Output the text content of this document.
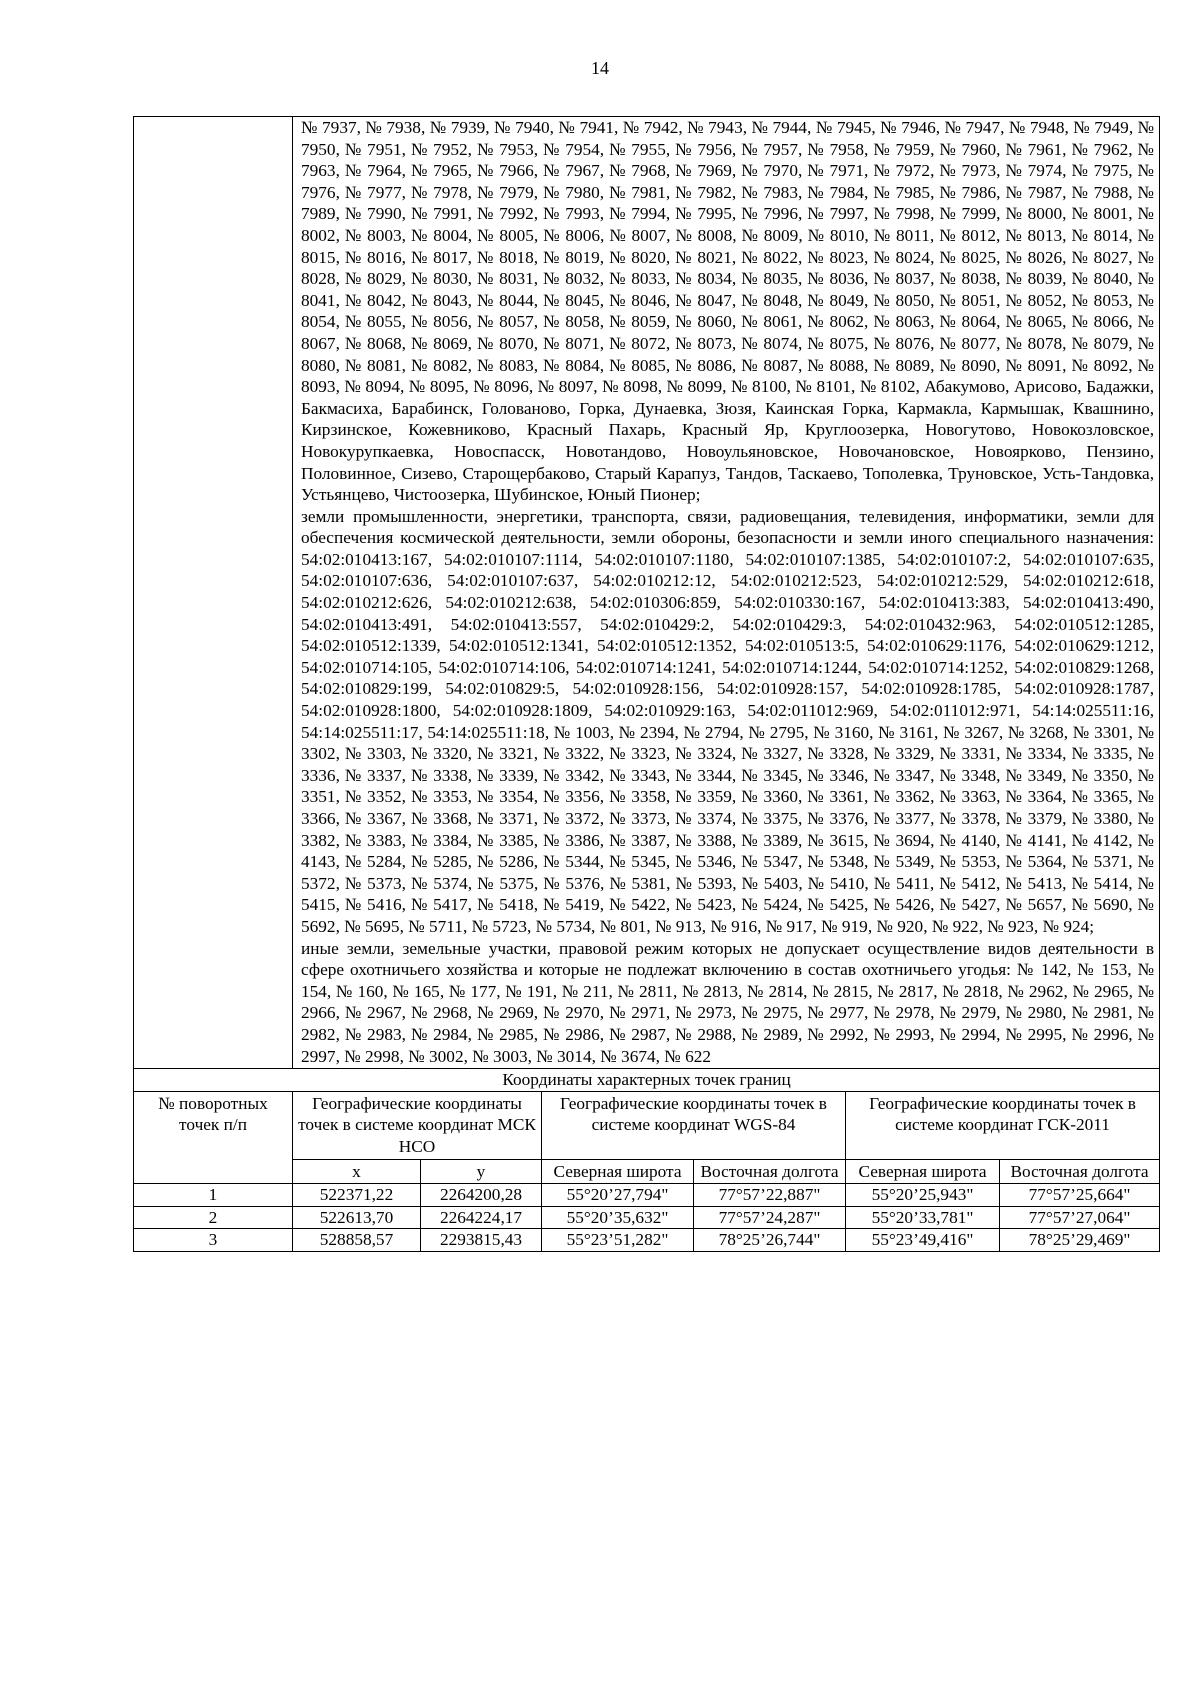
14

	№ 7937, № 7938, № 7939, № 7940, № 7941, № 7942, № 7943, № 7944, № 7945, № 7946, № 7947, № 7948, № 7949, № 7950, № 7951, № 7952, № 7953, № 7954, № 7955, № 7956, № 7957, № 7958, № 7959, № 7960, № 7961, № 7962, № 7963, № 7964, № 7965, № 7966, № 7967, № 7968, № 7969, № 7970, № 7971, № 7972, № 7973, № 7974, № 7975, № 7976, № 7977, № 7978, № 7979, № 7980, № 7981, № 7982, № 7983, № 7984, № 7985, № 7986, № 7987, № 7988, № 7989, № 7990, № 7991, № 7992, № 7993, № 7994, № 7995, № 7996, № 7997, № 7998, № 7999, № 8000, № 8001, № 8002, № 8003, № 8004, № 8005, № 8006, № 8007, № 8008, № 8009, № 8010, № 8011, № 8012, № 8013, № 8014, № 8015, № 8016, № 8017, № 8018, № 8019, № 8020, № 8021, № 8022, № 8023, № 8024, № 8025, № 8026, № 8027, № 8028, № 8029, № 8030, № 8031, № 8032, № 8033, № 8034, № 8035, № 8036, № 8037, № 8038, № 8039, № 8040, № 8041, № 8042, № 8043, № 8044, № 8045, № 8046, № 8047, № 8048, № 8049, № 8050, № 8051, № 8052, № 8053, № 8054, № 8055, № 8056, № 8057, № 8058, № 8059, № 8060, № 8061, № 8062, № 8063, № 8064, № 8065, № 8066, № 8067, № 8068, № 8069, № 8070, № 8071, № 8072, № 8073, № 8074, № 8075, № 8076, № 8077, № 8078, № 8079, № 8080, № 8081, № 8082, № 8083, № 8084, № 8085, № 8086, № 8087, № 8088, № 8089, № 8090, № 8091, № 8092, № 8093, № 8094, № 8095, № 8096, № 8097, № 8098, № 8099, № 8100, № 8101, № 8102, Абакумово, Арисово, Бадажки, Бакмасиха, Барабинск, Голованово, Горка, Дунаевка, Зюзя, Каинская Горка, Кармакла, Кармышак, Квашнино, Кирзинское, Кожевниково, Красный Пахарь, Красный Яр, Круглоозерка, Новогутово, Новокозловское, Новокурупкаевка, Новоспасск, Новотандово, Новоульяновское, Новочановское, Новоярково, Пензино, Половинное, Сизево, Старощербаково, Старый Карапуз, Тандов, Таскаево, Тополевка, Труновское, Усть-Тандовка, Устьянцево, Чистоозерка, Шубинское, Юный Пионер;

земли промышленности, энергетики, транспорта, связи, радиовещания, телевидения, информатики, земли для обеспечения космической деятельности, земли обороны, безопасности и земли иного специального назначения: 54:02:010413:167, 54:02:010107:1114, 54:02:010107:1180, 54:02:010107:1385, 54:02:010107:2, 54:02:010107:635, 54:02:010107:636, 54:02:010107:637, 54:02:010212:12, 54:02:010212:523, 54:02:010212:529, 54:02:010212:618, 54:02:010212:626, 54:02:010212:638, 54:02:010306:859, 54:02:010330:167, 54:02:010413:383, 54:02:010413:490, 54:02:010413:491, 54:02:010413:557, 54:02:010429:2, 54:02:010429:3, 54:02:010432:963, 54:02:010512:1285, 54:02:010512:1339, 54:02:010512:1341, 54:02:010512:1352, 54:02:010513:5, 54:02:010629:1176, 54:02:010629:1212, 54:02:010714:105, 54:02:010714:106, 54:02:010714:1241, 54:02:010714:1244, 54:02:010714:1252, 54:02:010829:1268, 54:02:010829:199, 54:02:010829:5, 54:02:010928:156, 54:02:010928:157, 54:02:010928:1785, 54:02:010928:1787, 54:02:010928:1800, 54:02:010928:1809, 54:02:010929:163, 54:02:011012:969, 54:02:011012:971, 54:14:025511:16, 54:14:025511:17, 54:14:025511:18, № 1003, № 2394, № 2794, № 2795, № 3160, № 3161, № 3267, № 3268, № 3301, № 3302, № 3303, № 3320, № 3321, № 3322, № 3323, № 3324, № 3327, № 3328, № 3329, № 3331, № 3334, № 3335, № 3336, № 3337, № 3338, № 3339, № 3342, № 3343, № 3344, № 3345, № 3346, № 3347, № 3348, № 3349, № 3350, № 3351, № 3352, № 3353, № 3354, № 3356, № 3358, № 3359, № 3360, № 3361, № 3362, № 3363, № 3364, № 3365, № 3366, № 3367, № 3368, № 3371, № 3372, № 3373, № 3374, № 3375, № 3376, № 3377, № 3378, № 3379, № 3380, № 3382, № 3383, № 3384, № 3385, № 3386, № 3387, № 3388, № 3389, № 3615, № 3694, № 4140, № 4141, № 4142, № 4143, № 5284, № 5285, № 5286, № 5344, № 5345, № 5346, № 5347, № 5348, № 5349, № 5353, № 5364, № 5371, № 5372, № 5373, № 5374, № 5375, № 5376, № 5381, № 5393, № 5403, № 5410, № 5411, № 5412, № 5413, № 5414, № 5415, № 5416, № 5417, № 5418, № 5419, № 5422, № 5423, № 5424, № 5425, № 5426, № 5427, № 5657, № 5690, № 5692, № 5695, № 5711, № 5723, № 5734, № 801, № 913, № 916, № 917, № 919, № 920, № 922, № 923, № 924;

иные земли, земельные участки, правовой режим которых не допускает осуществление видов деятельности в сфере охотничьего хозяйства и которые не подлежат включению в состав охотничьего угодья: № 142, № 153, № 154, № 160, № 165, № 177, № 191, № 211, № 2811, № 2813, № 2814, № 2815, № 2817, № 2818, № 2962, № 2965, № 2966, № 2967, № 2968, № 2969, № 2970, № 2971, № 2973, № 2975, № 2977, № 2978, № 2979, № 2980, № 2981, № 2982, № 2983, № 2984, № 2985, № 2986, № 2987, № 2988, № 2989, № 2992, № 2993, № 2994, № 2995, № 2996, № 2997, № 2998, № 3002, № 3003, № 3014, № 3674, № 622					

Координаты характерных точек границ						
№ поворотных точек п/п	Географические координаты точек в системе координат МСК НСО		Географические координаты точек в системе координат WGS-84		Географические координаты точек в системе координат ГСК-2011	
	x	y	Северная широта	Восточная долгота	Северная широта	Восточная долгота
1	522371,22	2264200,28	55°20’27,794"	77°57’22,887"	55°20’25,943"	77°57’25,664"
2	522613,70	2264224,17	55°20’35,632"	77°57’24,287"	55°20’33,781"	77°57’27,064"
3	528858,57	2293815,43	55°23’51,282"	78°25’26,744"	55°23’49,416"	78°25’29,469"
